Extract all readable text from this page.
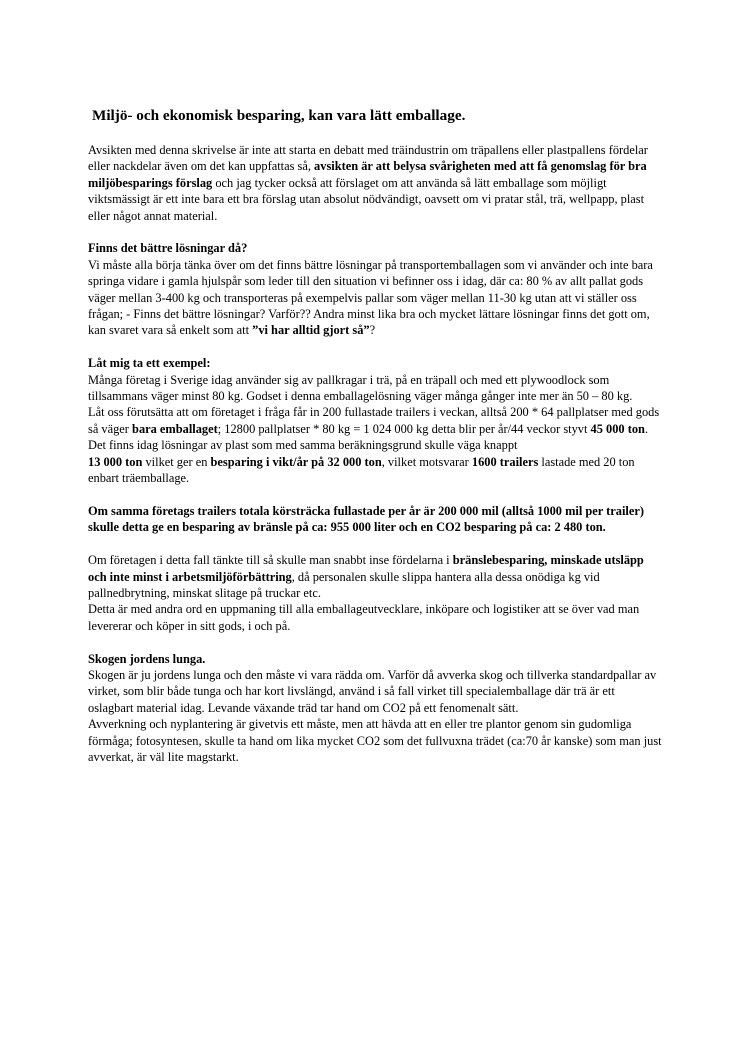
Miljö- och ekonomisk besparing, kan vara lätt emballage.

Avsikten med denna skrivelse är inte att starta en debatt med träindustrin om träpallens eller plastpallens fördelar eller nackdelar även om det kan uppfattas så, avsikten är att belysa svårigheten med att få genomslag för bra miljöbesparings förslag och jag tycker också att förslaget om att använda så lätt emballage som möjligt viktsmässigt är ett inte bara ett bra förslag utan absolut nödvändigt, oavsett om vi pratar stål, trä, wellpapp, plast eller något annat material.

Finns det bättre lösningar då?
Vi måste alla börja tänka över om det finns bättre lösningar på transportemballagen som vi använder och inte bara springa vidare i gamla hjulspår som leder till den situation vi befinner oss i idag, där ca: 80 % av allt pallat gods väger mellan 3-400 kg och transporteras på exempelvis pallar som väger mellan 11-30 kg utan att vi ställer oss frågan; - Finns det bättre lösningar? Varför?? Andra minst lika bra och mycket lättare lösningar finns det gott om, kan svaret vara så enkelt som att ”vi har alltid gjort så”?

Låt mig ta ett exempel:
Många företag i Sverige idag använder sig av pallkragar i trä, på en träpall och med ett plywoodlock som tillsammans väger minst 80 kg. Godset i denna emballagelösning väger många gånger inte mer än 50 – 80 kg.
Låt oss förutsätta att om företaget i fråga får in 200 fullastade trailers i veckan, alltså 200 * 64 pallplatser med gods så väger bara emballaget; 12800 pallplatser * 80 kg = 1 024 000 kg detta blir per år/44 veckor styvt 45 000 ton.
Det finns idag lösningar av plast som med samma beräkningsgrund skulle väga knappt
13 000 ton vilket ger en besparing i vikt/år på 32 000 ton, vilket motsvarar 1600 trailers lastade med 20 ton enbart träemballage.

Om samma företags trailers totala körsträcka fullastade per år är 200 000 mil (alltså 1000 mil per trailer) skulle detta ge en besparing av bränsle på ca: 955 000 liter och en CO2 besparing på ca: 2 480 ton.

Om företagen i detta fall tänkte till så skulle man snabbt inse fördelarna i bränslebesparing, minskade utsläpp och inte minst i arbetsmiljöförbättring, då personalen skulle slippa hantera alla dessa onödiga kg vid pallnedbrytning, minskat slitage på truckar etc.
Detta är med andra ord en uppmaning till alla emballageutvecklare, inköpare och logistiker att se över vad man levererar och köper in sitt gods, i och på.

Skogen jordens lunga.
Skogen är ju jordens lunga och den måste vi vara rädda om. Varför då avverka skog och tillverka standardpallar av virket, som blir både tunga och har kort livslängd, använd i så fall virket till specialemballage där trä är ett oslagbart material idag. Levande växande träd tar hand om CO2 på ett fenomenalt sätt.
Avverkning och nyplantering är givetvis ett måste, men att hävda att en eller tre plantor genom sin gudomliga förmåga; fotosyntesen, skulle ta hand om lika mycket CO2 som det fullvuxna trädet (ca:70 år kanske) som man just avverkat, är väl lite magstarkt.
